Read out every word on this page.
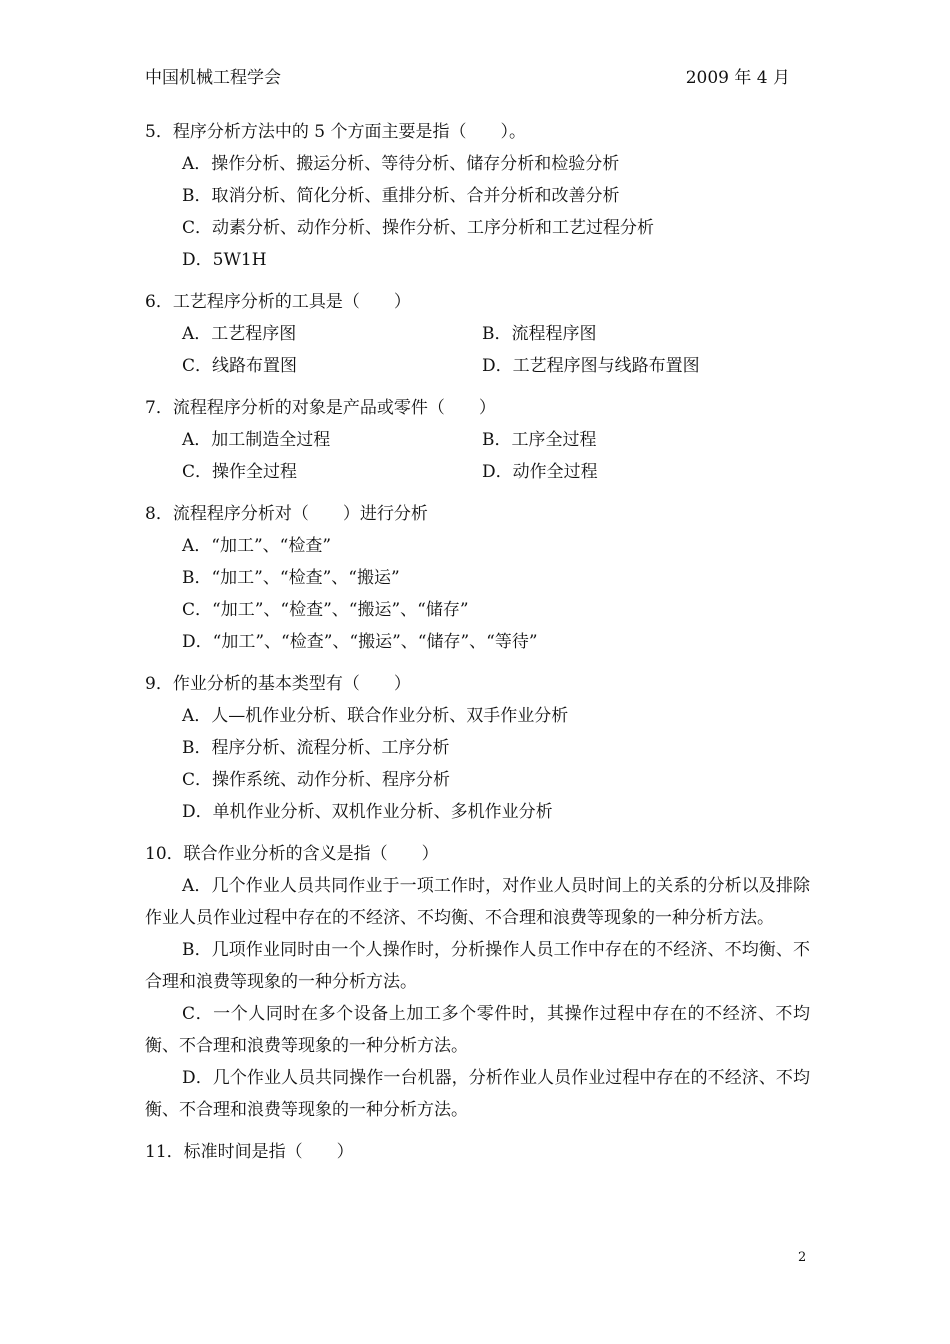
中国机械工程学会	2009 年 4 月
5．程序分析方法中的 5 个方面主要是指（　　）。
A．操作分析、搬运分析、等待分析、储存分析和检验分析
B．取消分析、简化分析、重排分析、合并分析和改善分析
C．动素分析、动作分析、操作分析、工序分析和工艺过程分析
D．5W1H
6．工艺程序分析的工具是（　　）
A．工艺程序图	B．流程程序图
C．线路布置图	D．工艺程序图与线路布置图
7．流程程序分析的对象是产品或零件（　　）
A．加工制造全过程	B．工序全过程
C．操作全过程	D．动作全过程
8．流程程序分析对（　　）进行分析
A．“加工”、“检查”
B．“加工”、“检查”、“搬运”
C．“加工”、“检查”、“搬运”、“储存”
D．“加工”、“检查”、“搬运”、“储存”、“等待”
9．作业分析的基本类型有（　　）
A．人—机作业分析、联合作业分析、双手作业分析
B．程序分析、流程分析、工序分析
C．操作系统、动作分析、程序分析
D．单机作业分析、双机作业分析、多机作业分析
10．联合作业分析的含义是指（　　）
A．几个作业人员共同作业于一项工作时，对作业人员时间上的关系的分析以及排除作业人员作业过程中存在的不经济、不均衡、不合理和浪费等现象的一种分析方法。
B．几项作业同时由一个人操作时，分析操作人员工作中存在的不经济、不均衡、不合理和浪费等现象的一种分析方法。
C．一个人同时在多个设备上加工多个零件时，其操作过程中存在的不经济、不均衡、不合理和浪费等现象的一种分析方法。
D．几个作业人员共同操作一台机器，分析作业人员作业过程中存在的不经济、不均衡、不合理和浪费等现象的一种分析方法。
11．标准时间是指（　　）
2
